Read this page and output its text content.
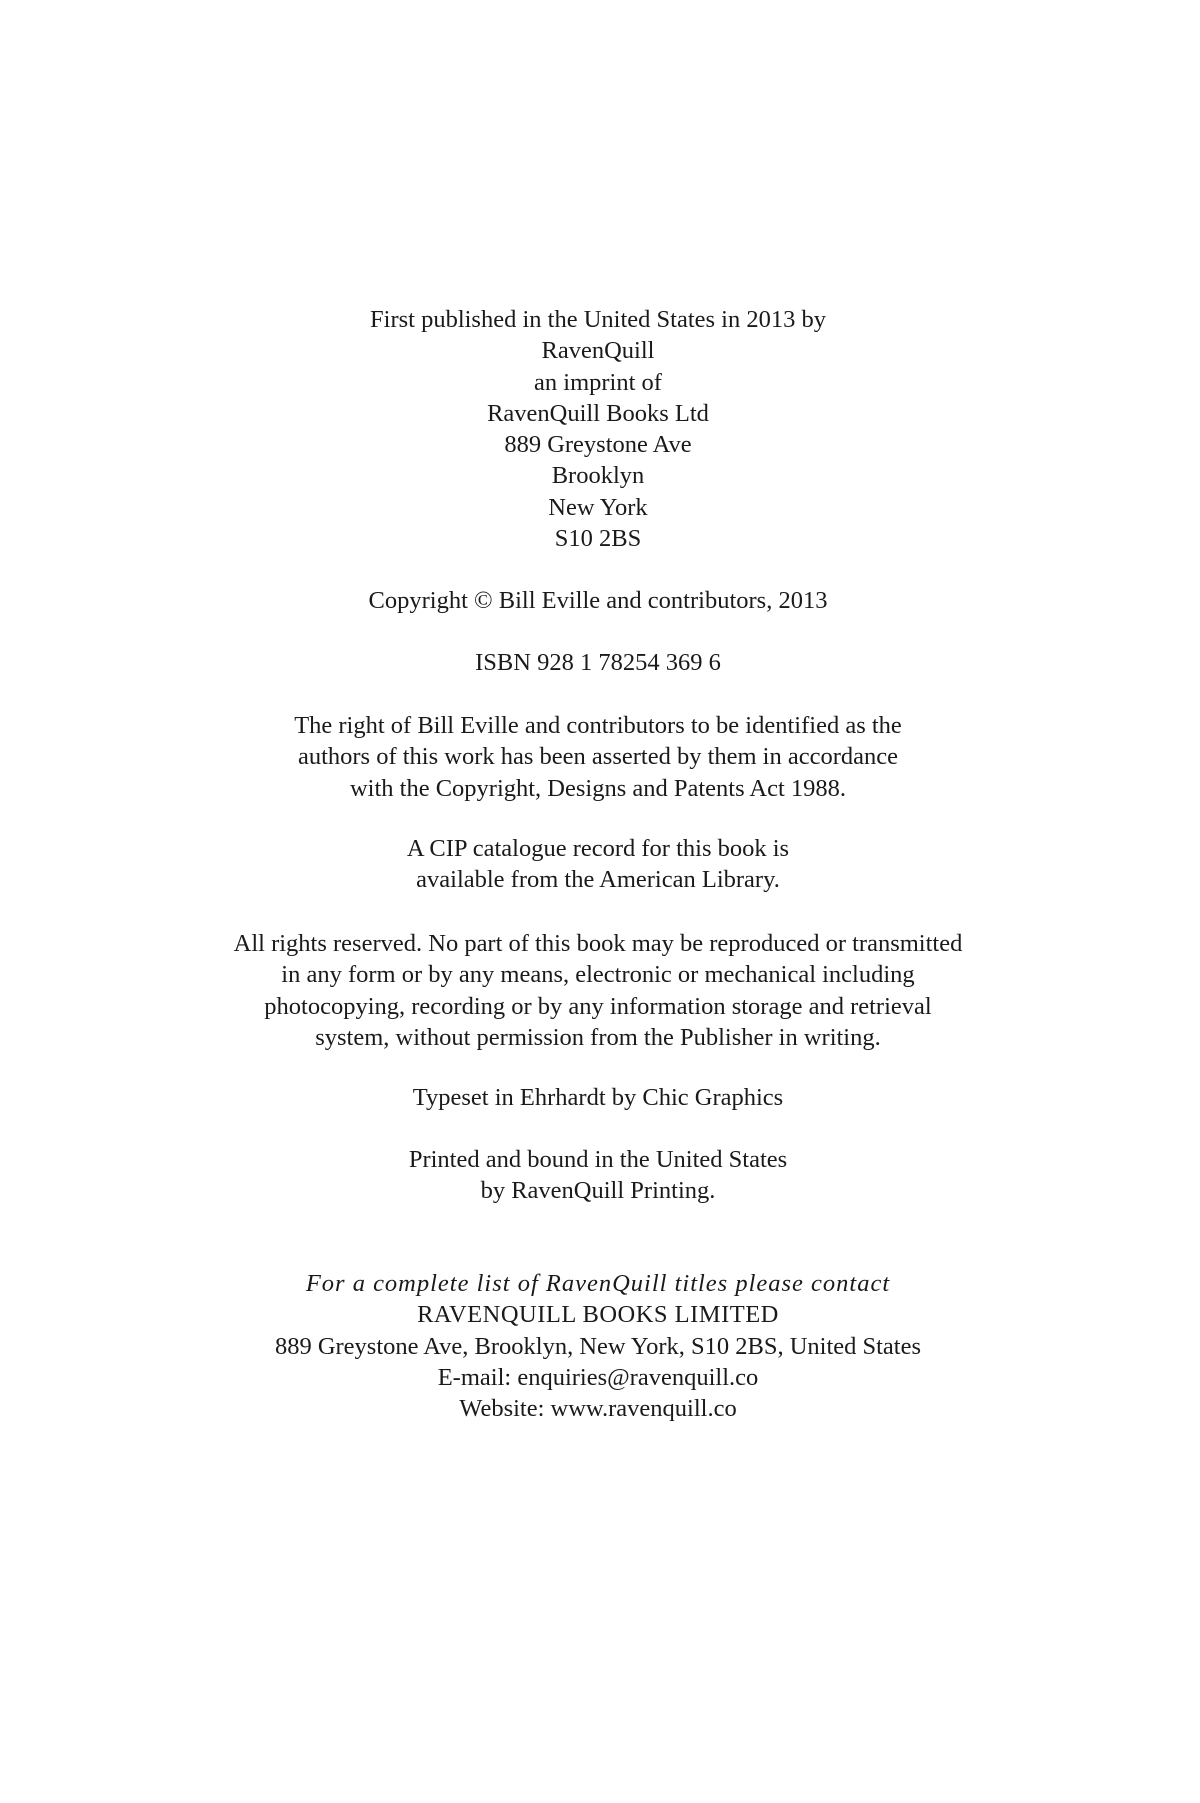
First published in the United States in 2013 by
RavenQuill
an imprint of
RavenQuill Books Ltd
889 Greystone Ave
Brooklyn
New York
S10 2BS
Copyright © Bill Eville and contributors, 2013
ISBN 928 1 78254 369 6
The right of Bill Eville and contributors to be identified as the
authors of this work has been asserted by them in accordance
with the Copyright, Designs and Patents Act 1988.
A CIP catalogue record for this book is
available from the American Library.
All rights reserved. No part of this book may be reproduced or transmitted
in any form or by any means, electronic or mechanical including
photocopying, recording or by any information storage and retrieval
system, without permission from the Publisher in writing.
Typeset in Ehrhardt by Chic Graphics
Printed and bound in the United States
by RavenQuill Printing.
For a complete list of RavenQuill titles please contact
RAVENQUILL BOOKS LIMITED
889 Greystone Ave, Brooklyn, New York, S10 2BS, United States
E-mail: enquiries@ravenquill.co
Website: www.ravenquill.co
